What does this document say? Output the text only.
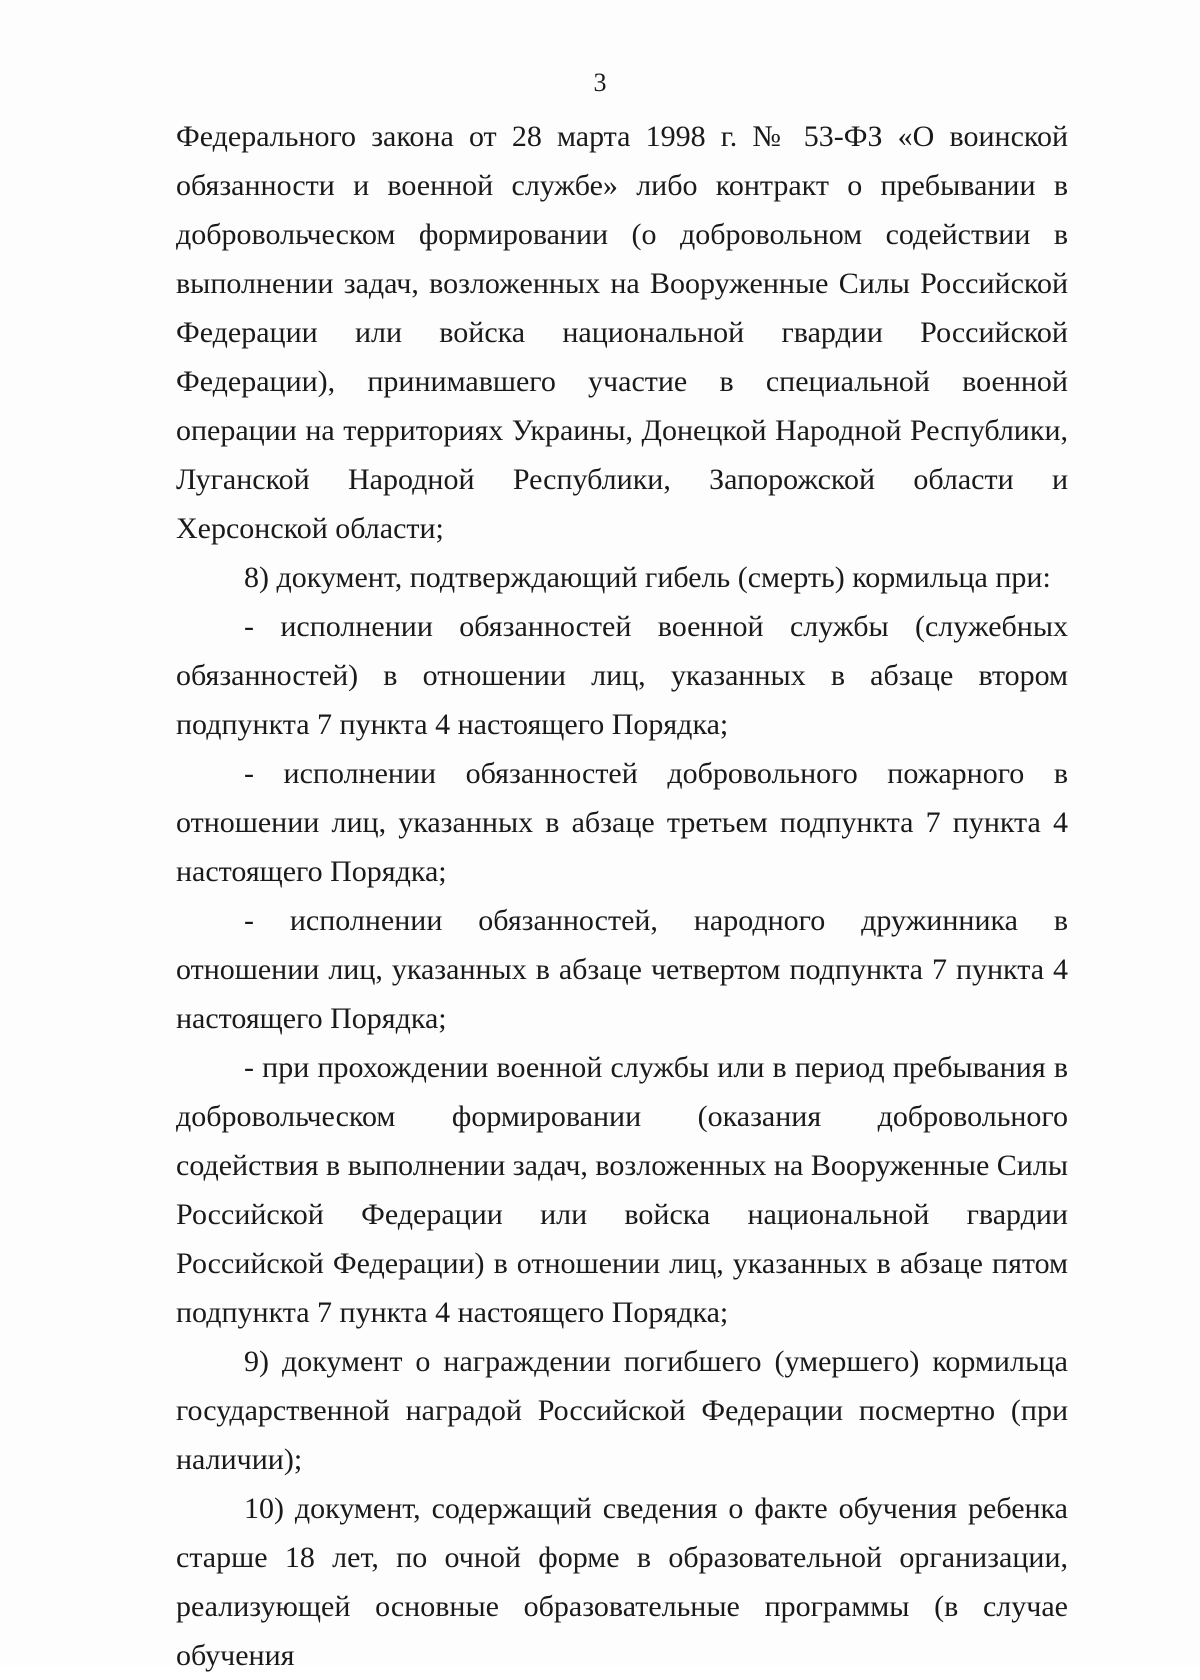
3

Федерального закона от 28 марта 1998 г. № 53-ФЗ «О воинской обязанности и военной службе» либо контракт о пребывании в добровольческом формировании (о добровольном содействии в выполнении задач, возложенных на Вооруженные Силы Российской Федерации или войска национальной гвардии Российской Федерации), принимавшего участие в специальной военной операции на территориях Украины, Донецкой Народной Республики, Луганской Народной Республики, Запорожской области и Херсонской области;

8) документ, подтверждающий гибель (смерть) кормильца при:

- исполнении обязанностей военной службы (служебных обязанностей) в отношении лиц, указанных в абзаце втором подпункта 7 пункта 4 настоящего Порядка;

- исполнении обязанностей добровольного пожарного в отношении лиц, указанных в абзаце третьем подпункта 7 пункта 4 настоящего Порядка;

- исполнении обязанностей, народного дружинника в отношении лиц, указанных в абзаце четвертом подпункта 7 пункта 4 настоящего Порядка;

- при прохождении военной службы или в период пребывания в добровольческом формировании (оказания добровольного содействия в выполнении задач, возложенных на Вооруженные Силы Российской Федерации или войска национальной гвардии Российской Федерации) в отношении лиц, указанных в абзаце пятом подпункта 7 пункта 4 настоящего Порядка;

9) документ о награждении погибшего (умершего) кормильца государственной наградой Российской Федерации посмертно (при наличии);

10) документ, содержащий сведения о факте обучения ребенка старше 18 лет, по очной форме в образовательной организации, реализующей основные образовательные программы (в случае обучения
